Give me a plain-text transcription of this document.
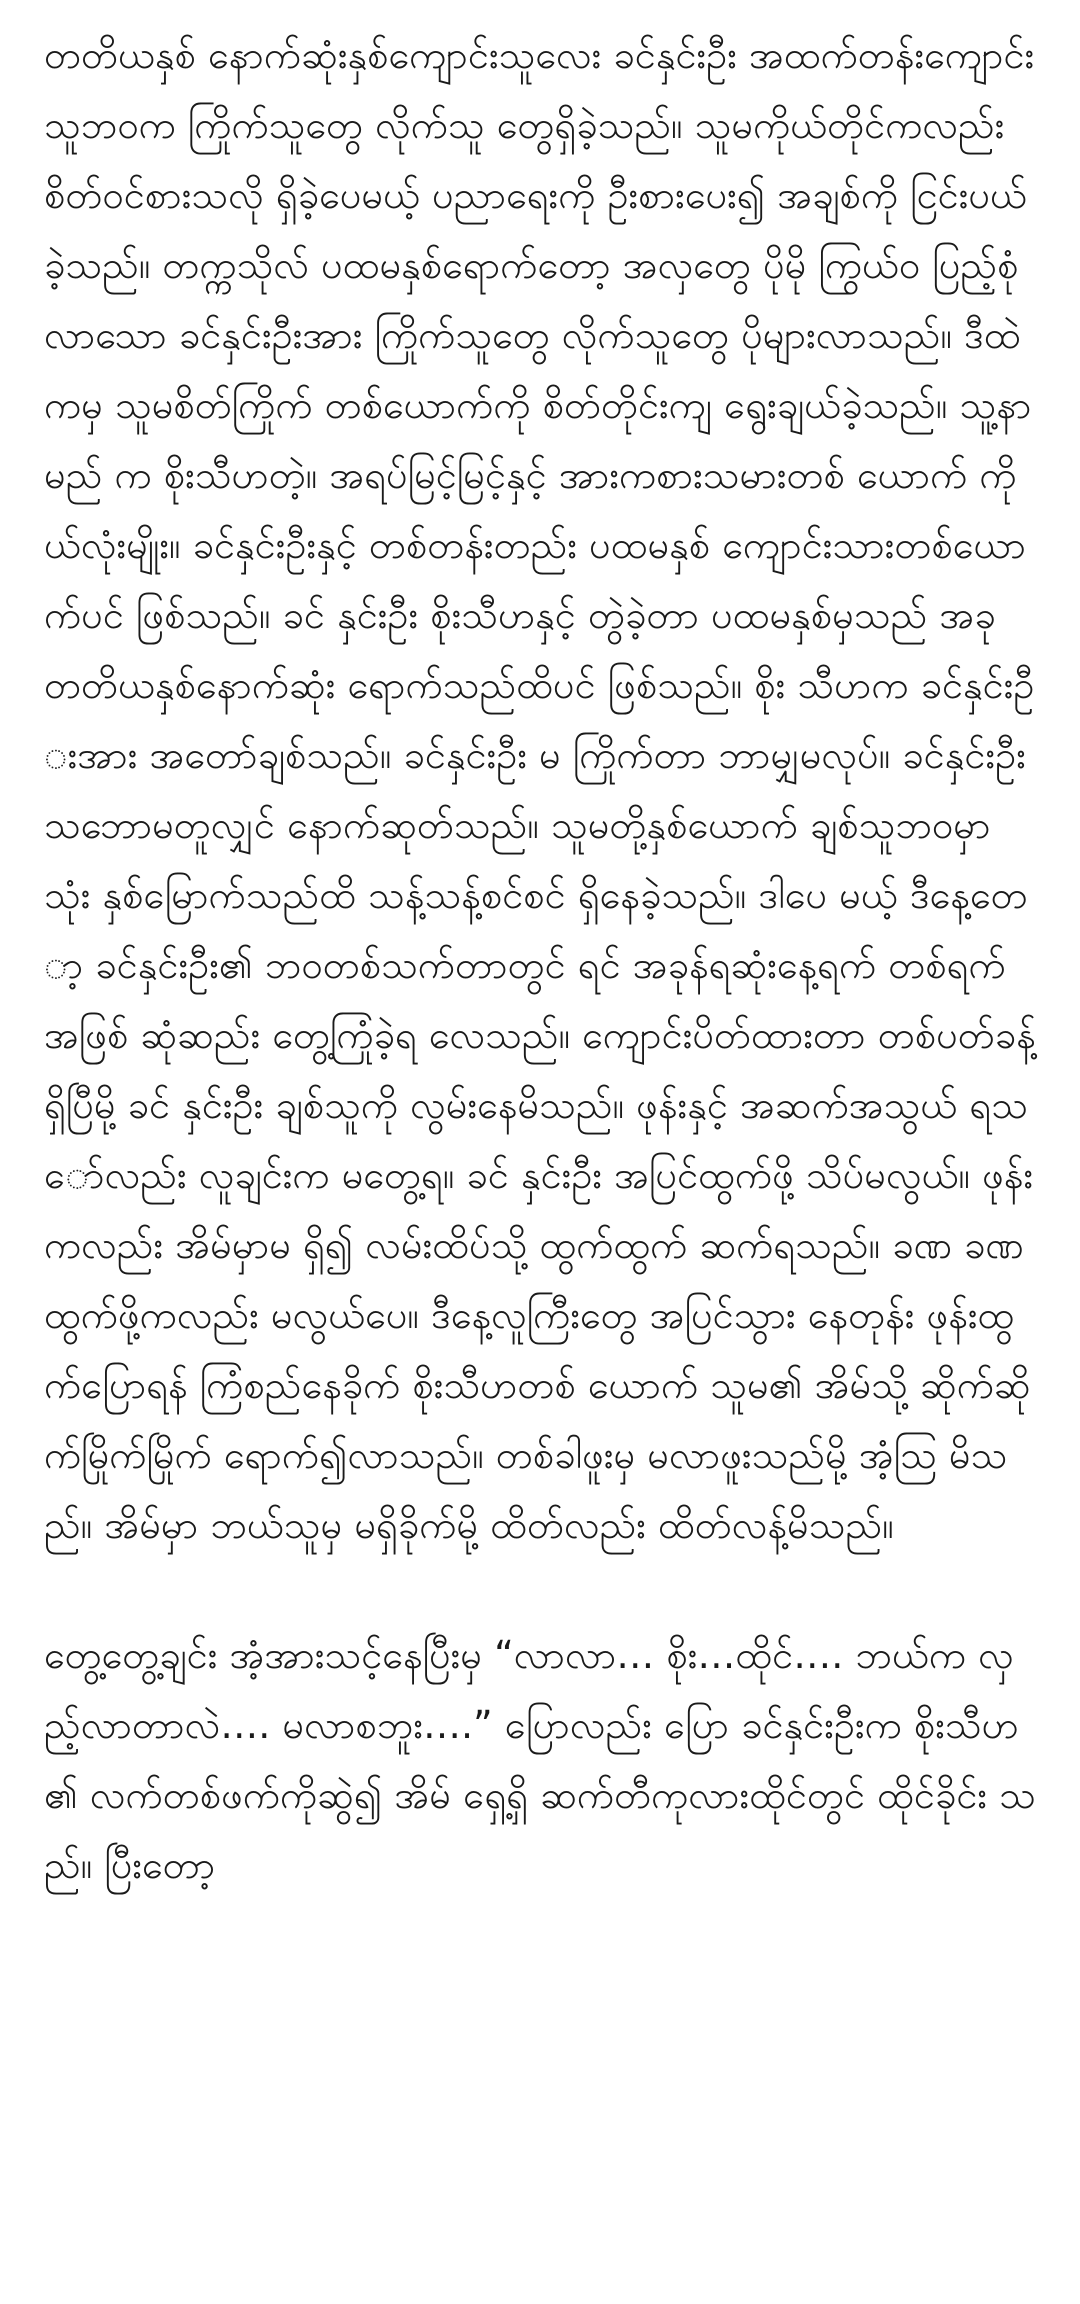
တတိယနှစ် နောက်ဆုံးနှစ်ကျောင်းသူလေး ခင်နှင်းဦး အထက်တန်းကျောင်းသူဘဝက ကြိုက်သူတွေ လိုက်သူ တွေရှိခဲ့သည်။ သူမကိုယ်တိုင်ကလည်း စိတ်ဝင်စားသလို ရှိခဲ့ပေမယ့် ပညာရေးကို ဦးစားပေး၍ အချစ်ကို ငြင်းပယ် ခဲ့သည်။ တက္ကသိုလ် ပထမနှစ်ရောက်တော့ အလှတွေ ပိုမို ကြွယ်ဝ ပြည့်စုံလာသော ခင်နှင်းဦးအား ကြိုက်သူတွေ လိုက်သူတွေ ပိုများလာသည်။ ဒီထဲကမှ သူမစိတ်ကြိုက် တစ်ယောက်ကို စိတ်တိုင်းကျ ရွေးချယ်ခဲ့သည်။ သူ့နာမည် က စိုးသီဟတဲ့။ အရပ်မြင့်မြင့်နှင့် အားကစားသမားတစ် ယောက် ကိုယ်လုံးမျိုး။ ခင်နှင်းဦးနှင့် တစ်တန်းတည်း ပထမနှစ် ကျောင်းသားတစ်ယောက်ပင် ဖြစ်သည်။ ခင် နှင်းဦး စိုးသီဟနှင့် တွဲခဲ့တာ ပထမနှစ်မှသည် အခု တတိယနှစ်နောက်ဆုံး ရောက်သည်ထိပင် ဖြစ်သည်။ စိုး သီဟက ခင်နှင်းဦးအား အတော်ချစ်သည်။ ခင်နှင်းဦး မ ကြိုက်တာ ဘာမျှမလုပ်။ ခင်နှင်းဦး သဘောမတူလျှင် နောက်ဆုတ်သည်။ သူမတို့နှစ်ယောက် ချစ်သူဘဝမှာ သုံး နှစ်မြောက်သည်ထိ သန့်သန့်စင်စင် ရှိနေခဲ့သည်။ ဒါပေ မယ့် ဒီနေ့တော့ ခင်နှင်းဦး၏ ဘဝတစ်သက်တာတွင် ရင် အခုန်ရဆုံးနေ့ရက် တစ်ရက်အဖြစ် ဆုံဆည်း တွေ့ကြုံခဲ့ရ လေသည်။ ကျောင်းပိတ်ထားတာ တစ်ပတ်ခန့်ရှိပြီမို့ ခင် နှင်းဦး ချစ်သူကို လွမ်းနေမိသည်။ ဖုန်းနှင့် အဆက်အသွယ် ရသော်လည်း လူချင်းက မတွေ့ရ။ ခင် နှင်းဦး အပြင်ထွက်ဖို့ သိပ်မလွယ်။ ဖုန်းကလည်း အိမ်မှာမ ရှိ၍ လမ်းထိပ်သို့ ထွက်ထွက် ဆက်ရသည်။ ခဏ ခဏ ထွက်ဖို့ကလည်း မလွယ်ပေ။ ဒီနေ့လူကြီးတွေ အပြင်သွား နေတုန်း ဖုန်းထွက်ပြောရန် ကြံစည်နေခိုက် စိုးသီဟတစ် ယောက် သူမ၏ အိမ်သို့ ဆိုက်ဆိုက်မြိုက်မြိုက် ရောက်၍လာသည်။ တစ်ခါဖူးမှ မလာဖူးသည်မို့ အံ့သြ မိသည်။ အိမ်မှာ ဘယ်သူမှ မရှိခိုက်မို့ ထိတ်လည်း ထိတ်လန့်မိသည်။

တွေ့တွေ့ချင်း အံ့အားသင့်နေပြီးမှ “လာလာ… စိုး…ထိုင်…. ဘယ်က လှည့်လာတာလဲ…. မလာစဘူး….” ပြောလည်း ပြော ခင်နှင်းဦးက စိုးသီဟ၏ လက်တစ်ဖက်ကိုဆွဲ၍ အိမ် ရှေ့ရှိ ဆက်တီကုလားထိုင်တွင် ထိုင်ခိုင်း သည်။ ပြီးတော့
